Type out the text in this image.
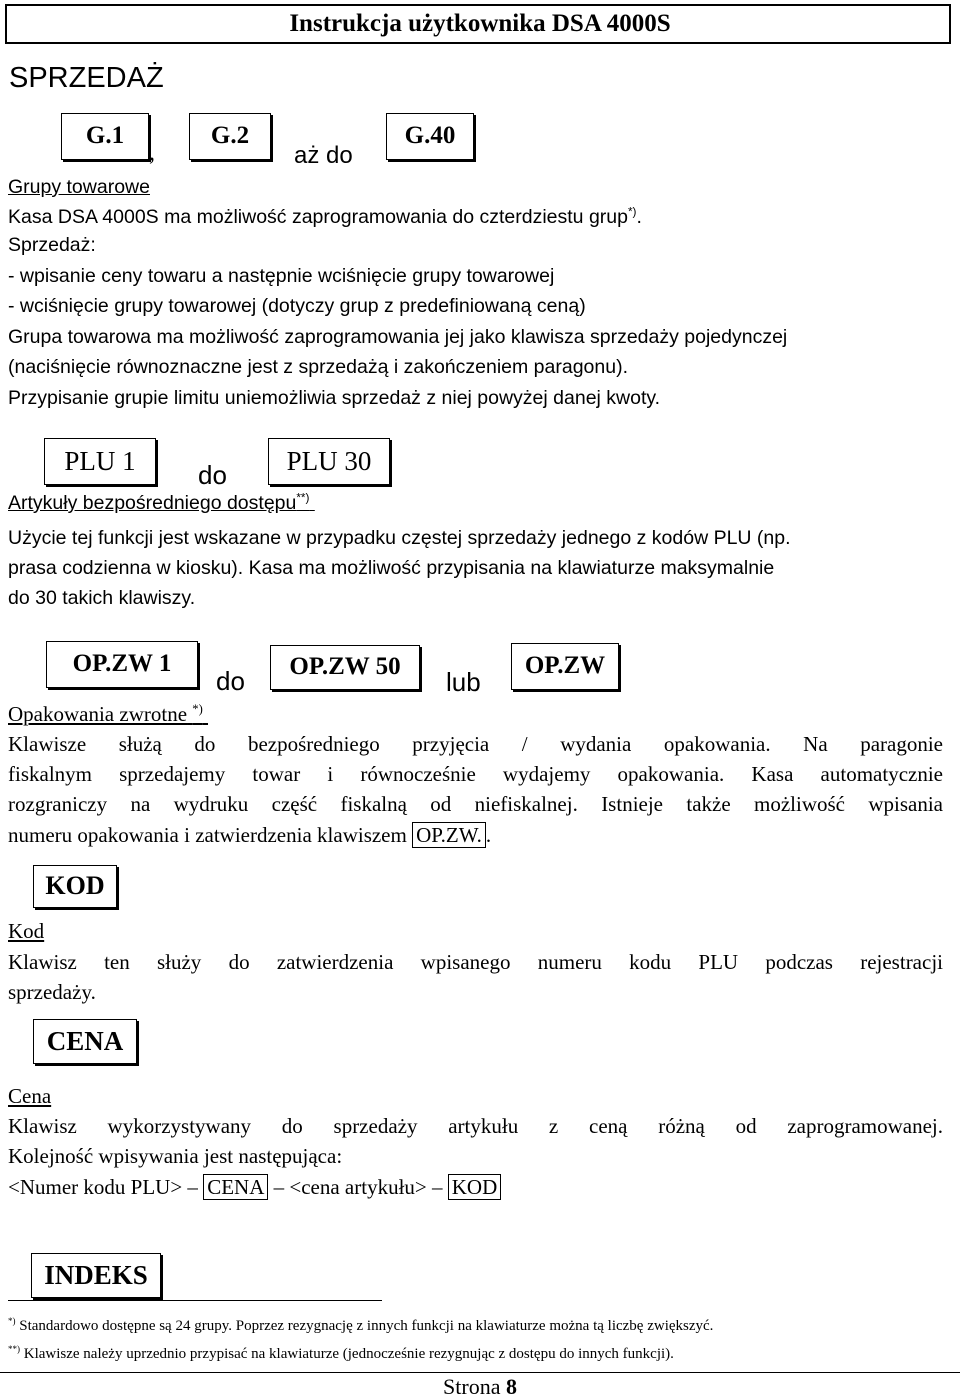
Instrukcja użytkownika DSA 4000S
SPRZEDAŻ
G.1
,
G.2
aż do
G.40
Grupy towarowe
Kasa DSA 4000S ma możliwość zaprogramowania do czterdziestu grup*).
Sprzedaż:
- wpisanie ceny towaru a następnie wciśnięcie grupy towarowej
- wciśnięcie grupy towarowej (dotyczy grup z predefiniowaną ceną)
Grupa towarowa ma możliwość zaprogramowania jej jako klawisza sprzedaży pojedynczej
(naciśnięcie równoznaczne jest z sprzedażą i zakończeniem paragonu).
Przypisanie grupie limitu uniemożliwia sprzedaż z niej powyżej danej kwoty.
PLU 1	do	PLU 30
Artykuły bezpośredniego dostępu**)
Użycie tej funkcji jest wskazane w przypadku częstej sprzedaży jednego z kodów PLU (np.
prasa codzienna w kiosku). Kasa ma możliwość przypisania na klawiaturze maksymalnie
do 30 takich klawiszy.
OP.ZW 1
do	OP.ZW 50
lub
OP.ZW
Opakowania zwrotne *)
Klawisze służą do bezpośredniego przyjęcia / wydania opakowania. Na paragonie
fiskalnym sprzedajemy towar i równocześnie wydajemy opakowania. Kasa automatycznie
rozgraniczy na wydruku część fiskalną od niefiskalnej. Istnieje także możliwość wpisania
numeru opakowania i zatwierdzenia klawiszem OP.ZW. .
KOD
Kod
Klawisz ten służy do zatwierdzenia wpisanego numeru kodu PLU podczas rejestracji
sprzedaży.
CENA
Cena
Klawisz wykorzystywany do sprzedaży artykułu z ceną różną od zaprogramowanej.
Kolejność wpisywania jest następująca:
<Numer kodu PLU> – CENA – <cena artykułu> – KOD
INDEKS
*) Standardowo dostępne są 24 grupy. Poprzez rezygnację z innych funkcji na klawiaturze można tą liczbę zwiększyć.
**) Klawisze należy uprzednio przypisać na klawiaturze (jednocześnie rezygnując z dostępu do innych funkcji).
Strona 8
